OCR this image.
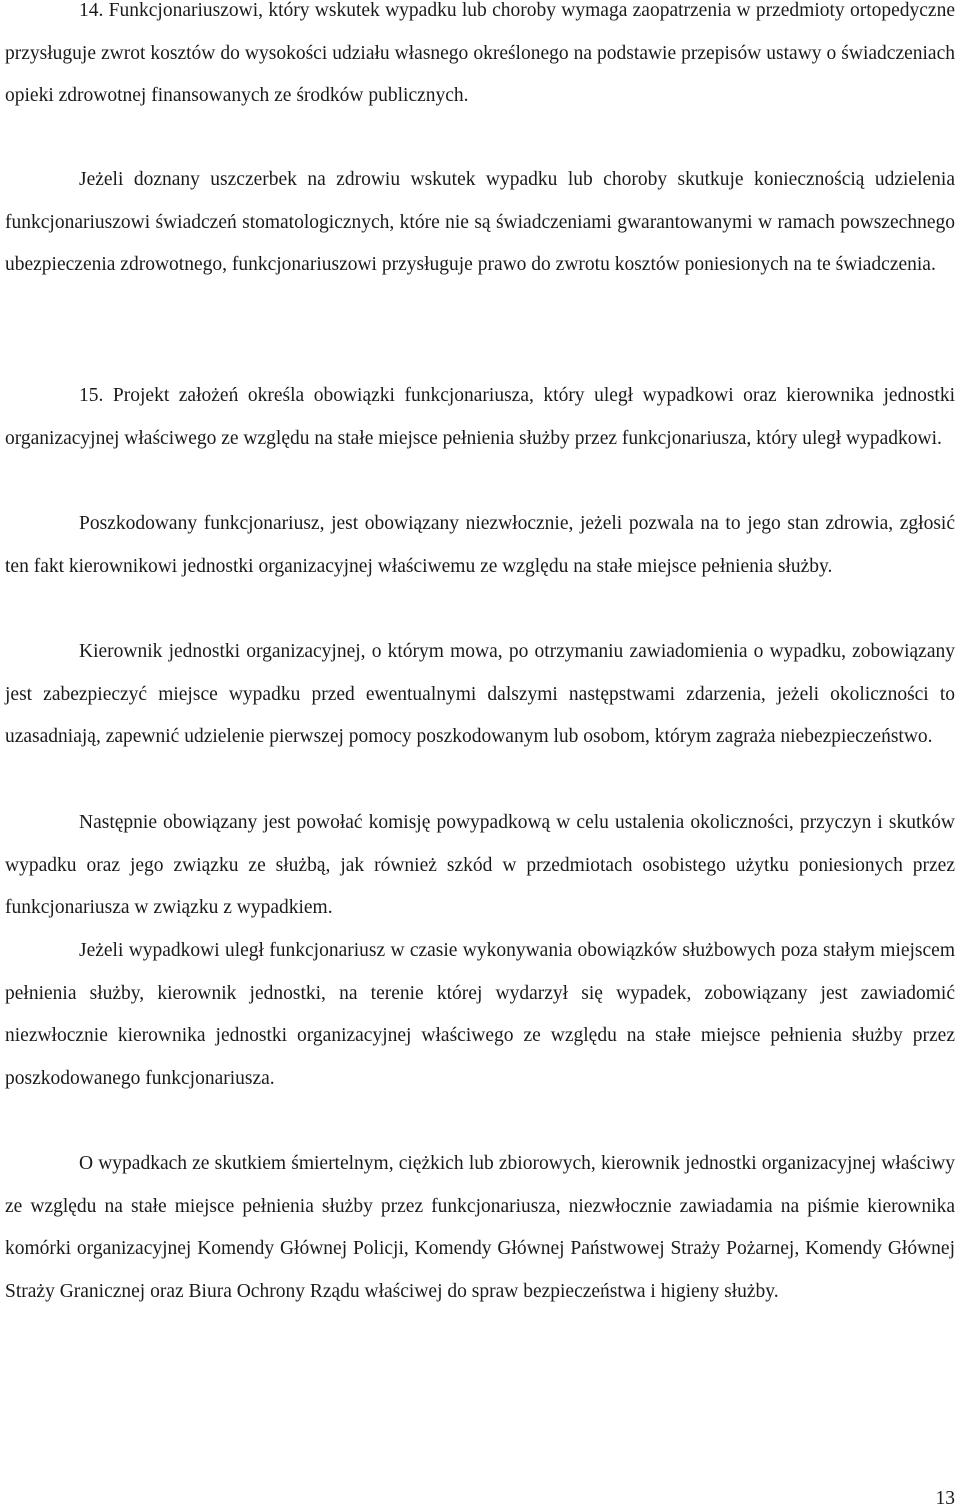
14. Funkcjonariuszowi, który wskutek wypadku lub choroby wymaga zaopatrzenia w przedmioty ortopedyczne przysługuje zwrot kosztów do wysokości udziału własnego określonego na podstawie przepisów ustawy o świadczeniach opieki zdrowotnej finansowanych ze środków publicznych.

Jeżeli doznany uszczerbek na zdrowiu wskutek wypadku lub choroby skutkuje koniecznością udzielenia funkcjonariuszowi świadczeń stomatologicznych, które nie są świadczeniami gwarantowanymi w ramach powszechnego ubezpieczenia zdrowotnego, funkcjonariuszowi przysługuje prawo do zwrotu kosztów poniesionych na te świadczenia.

15. Projekt założeń określa obowiązki funkcjonariusza, który uległ wypadkowi oraz kierownika jednostki organizacyjnej właściwego ze względu na stałe miejsce pełnienia służby przez funkcjonariusza, który uległ wypadkowi.

Poszkodowany funkcjonariusz, jest obowiązany niezwłocznie, jeżeli pozwala na to jego stan zdrowia, zgłosić ten fakt kierownikowi jednostki organizacyjnej właściwemu ze względu na stałe miejsce pełnienia służby.

Kierownik jednostki organizacyjnej, o którym mowa, po otrzymaniu zawiadomienia o wypadku, zobowiązany jest zabezpieczyć miejsce wypadku przed ewentualnymi dalszymi następstwami zdarzenia, jeżeli okoliczności to uzasadniają, zapewnić udzielenie pierwszej pomocy poszkodowanym lub osobom, którym zagraża niebezpieczeństwo.

Następnie obowiązany jest powołać komisję powypadkową w celu ustalenia okoliczności, przyczyn i skutków wypadku oraz jego związku ze służbą, jak również szkód w przedmiotach osobistego użytku poniesionych przez funkcjonariusza w związku z wypadkiem.

Jeżeli wypadkowi uległ funkcjonariusz w czasie wykonywania obowiązków służbowych poza stałym miejscem pełnienia służby, kierownik jednostki, na terenie której wydarzył się wypadek, zobowiązany jest zawiadomić niezwłocznie kierownika jednostki organizacyjnej właściwego ze względu na stałe miejsce pełnienia służby przez poszkodowanego funkcjonariusza.

O wypadkach ze skutkiem śmiertelnym, ciężkich lub zbiorowych, kierownik jednostki organizacyjnej właściwy ze względu na stałe miejsce pełnienia służby przez funkcjonariusza, niezwłocznie zawiadamia na piśmie kierownika komórki organizacyjnej Komendy Głównej Policji, Komendy Głównej Państwowej Straży Pożarnej, Komendy Głównej Straży Granicznej oraz Biura Ochrony Rządu właściwej do spraw bezpieczeństwa i higieny służby.

13
